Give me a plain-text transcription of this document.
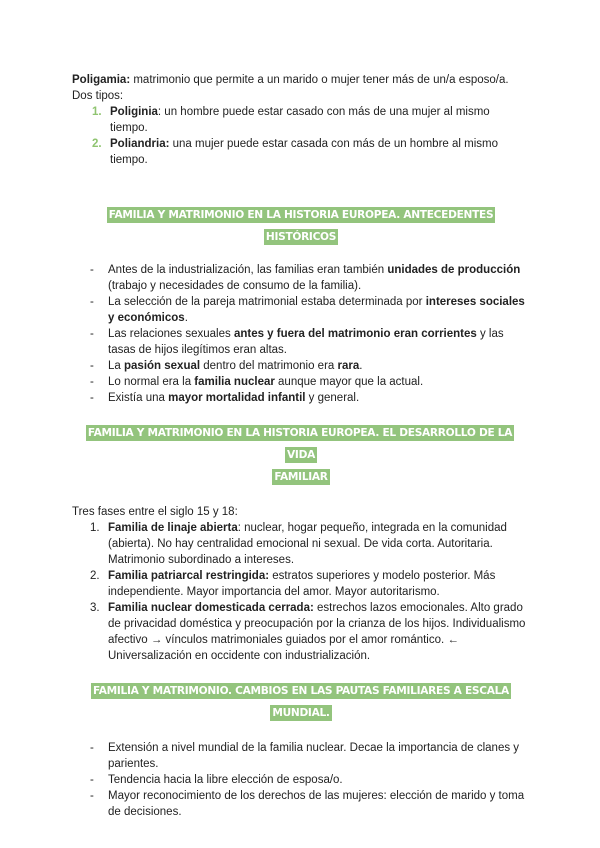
Poligamia: matrimonio que permite a un marido o mujer tener más de un/a esposo/a. Dos tipos:

1. Poliginia: un hombre puede estar casado con más de una mujer al mismo tiempo.
2. Poliandria: una mujer puede estar casada con más de un hombre al mismo tiempo.
FAMILIA Y MATRIMONIO EN LA HISTORIA EUROPEA. ANTECEDENTES HISTÓRICOS
- Antes de la industrialización, las familias eran también unidades de producción (trabajo y necesidades de consumo de la familia).
- La selección de la pareja matrimonial estaba determinada por intereses sociales y económicos.
- Las relaciones sexuales antes y fuera del matrimonio eran corrientes y las tasas de hijos ilegítimos eran altas.
- La pasión sexual dentro del matrimonio era rara.
- Lo normal era la familia nuclear aunque mayor que la actual.
- Existía una mayor mortalidad infantil y general.
FAMILIA Y MATRIMONIO EN LA HISTORIA EUROPEA. EL DESARROLLO DE LA VIDA
FAMILIAR

Tres fases entre el siglo 15 y 18:

1. Familia de linaje abierta: nuclear, hogar pequeño, integrada en la comunidad (abierta). No hay centralidad emocional ni sexual. De vida corta. Autoritaria. Matrimonio subordinado a intereses.
2. Familia patriarcal restringida: estratos superiores y modelo posterior. Más independiente. Mayor importancia del amor. Mayor autoritarismo.
3. Familia nuclear domesticada cerrada: estrechos lazos emocionales. Alto grado de privacidad doméstica y preocupación por la crianza de los hijos. Individualismo afectivo → vínculos matrimoniales guiados por el amor romántico. ← Universalización en occidente con industrialización.
FAMILIA Y MATRIMONIO. CAMBIOS EN LAS PAUTAS FAMILIARES A ESCALA MUNDIAL.
- Extensión a nivel mundial de la familia nuclear. Decae la importancia de clanes y parientes.
- Tendencia hacia la libre elección de esposa/o.
- Mayor reconocimiento de los derechos de las mujeres: elección de marido y toma de decisiones.
